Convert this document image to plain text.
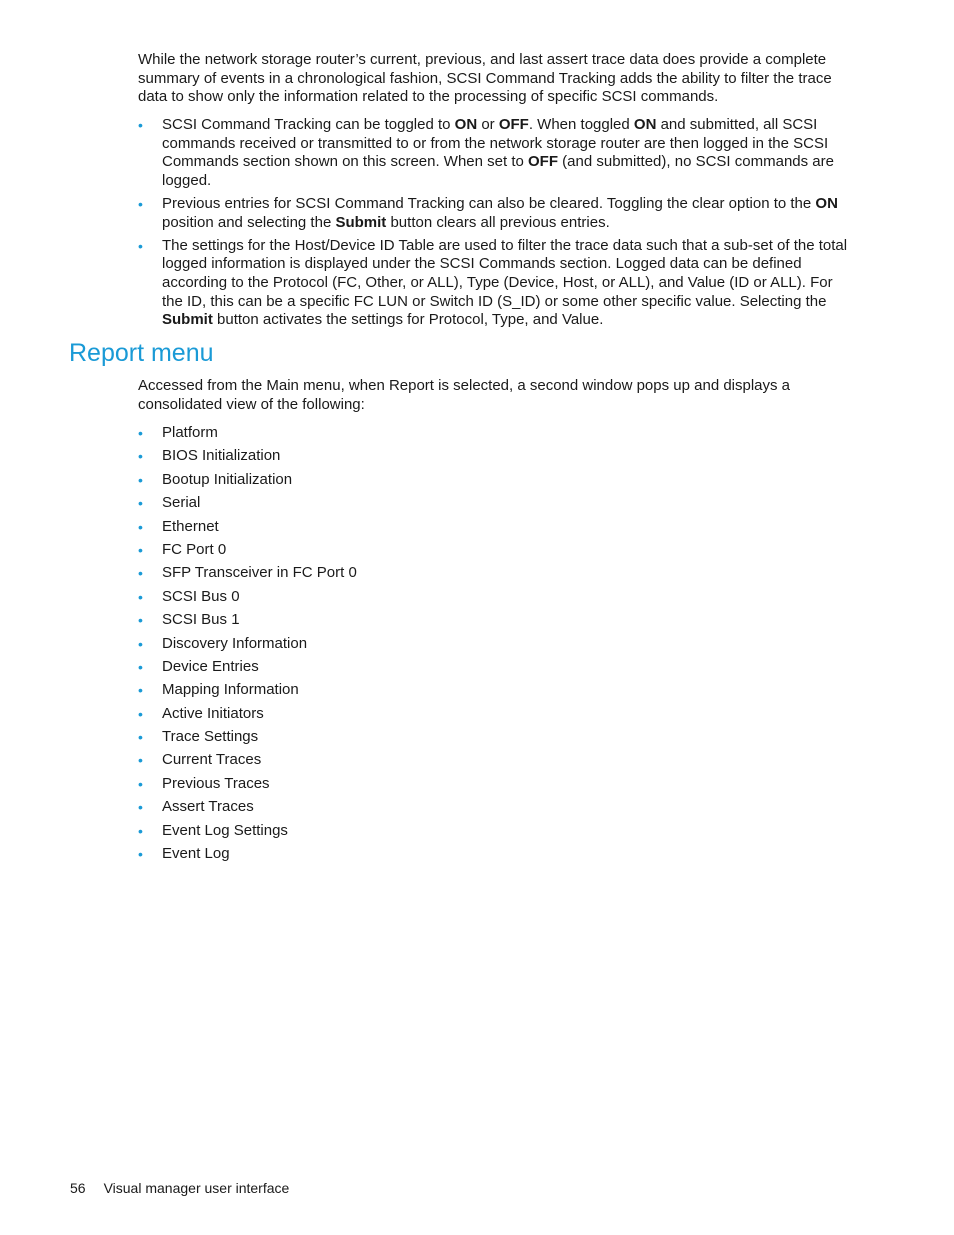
While the network storage router’s current, previous, and last assert trace data does provide a complete summary of events in a chronological fashion, SCSI Command Tracking adds the ability to filter the trace data to show only the information related to the processing of specific SCSI commands.

• SCSI Command Tracking can be toggled to ON or OFF. When toggled ON and submitted, all SCSI commands received or transmitted to or from the network storage router are then logged in the SCSI Commands section shown on this screen. When set to OFF (and submitted), no SCSI commands are logged.
• Previous entries for SCSI Command Tracking can also be cleared. Toggling the clear option to the ON position and selecting the Submit button clears all previous entries.
• The settings for the Host/Device ID Table are used to filter the trace data such that a sub-set of the total logged information is displayed under the SCSI Commands section. Logged data can be defined according to the Protocol (FC, Other, or ALL), Type (Device, Host, or ALL), and Value (ID or ALL). For the ID, this can be a specific FC LUN or Switch ID (S_ID) or some other specific value. Selecting the Submit button activates the settings for Protocol, Type, and Value.
Report menu

Accessed from the Main menu, when Report is selected, a second window pops up and displays a consolidated view of the following:

• Platform
• BIOS Initialization
• Bootup Initialization
• Serial
• Ethernet
• FC Port 0
• SFP Transceiver in FC Port 0
• SCSI Bus 0
• SCSI Bus 1
• Discovery Information
• Device Entries
• Mapping Information
• Active Initiators
• Trace Settings
• Current Traces
• Previous Traces
• Assert Traces
• Event Log Settings
• Event Log
56 Visual manager user interface
